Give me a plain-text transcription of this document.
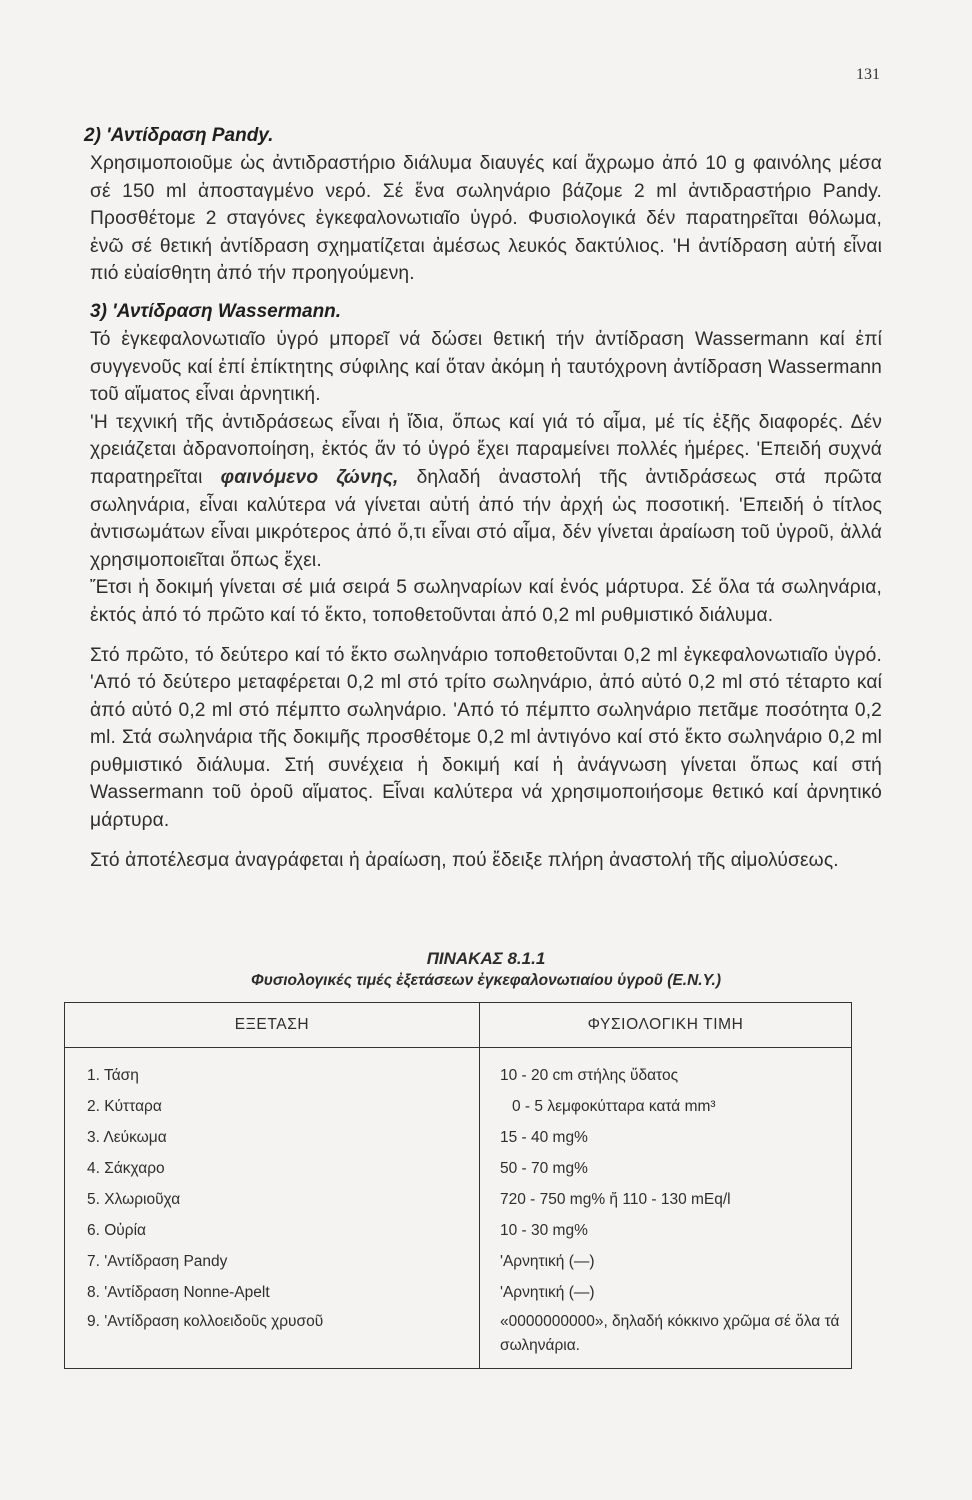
131

2) 'Αντίδραση Pandy.

Χρησιμοποιοῦμε ὡς ἀντιδραστήριο διάλυμα διαυγές καί ἄχρωμο ἀπό 10 g φαινόλης μέσα σέ 150 ml ἀποσταγμένο νερό. Σέ ἕνα σωληνάριο βάζομε 2 ml ἀντιδραστήριο Pandy. Προσθέτομε 2 σταγόνες ἐγκεφαλονωτιαῖο ὑγρό. Φυσιολογικά δέν παρατηρεῖται θόλωμα, ἐνῶ σέ θετική ἀντίδραση σχηματίζεται ἀμέσως λευκός δακτύλιος. 'Η ἀντίδραση αὐτή εἶναι πιό εὐαίσθητη ἀπό τήν προηγούμενη.

3) 'Αντίδραση Wassermann.

Τό ἐγκεφαλονωτιαῖο ὑγρό μπορεῖ νά δώσει θετική τήν ἀντίδραση Wassermann καί ἐπί συγγενοῦς καί ἐπί ἐπίκτητης σύφιλης καί ὅταν ἀκόμη ἡ ταυτόχρονη ἀντίδραση Wassermann τοῦ αἵματος εἶναι ἀρνητική.

'Η τεχνική τῆς ἀντιδράσεως εἶναι ἡ ἴδια, ὅπως καί γιά τό αἷμα, μέ τίς ἑξῆς διαφορές. Δέν χρειάζεται ἀδρανοποίηση, ἐκτός ἄν τό ὑγρό ἔχει παραμείνει πολλές ἡμέρες. 'Επειδή συχνά παρατηρεῖται φαινόμενο ζώνης, δηλαδή ἀναστολή τῆς ἀντιδράσεως στά πρῶτα σωληνάρια, εἶναι καλύτερα νά γίνεται αὐτή ἀπό τήν ἀρχή ὡς ποσοτική. 'Επειδή ὁ τίτλος ἀντισωμάτων εἶναι μικρότερος ἀπό ὅ,τι εἶναι στό αἷμα, δέν γίνεται ἀραίωση τοῦ ὑγροῦ, ἀλλά χρησιμοποιεῖται ὅπως ἔχει.

Ἔτσι ἡ δοκιμή γίνεται σέ μιά σειρά 5 σωληναρίων καί ἑνός μάρτυρα. Σέ ὅλα τά σωληνάρια, ἐκτός ἀπό τό πρῶτο καί τό ἕκτο, τοποθετοῦνται ἀπό 0,2 ml ρυθμιστικό διάλυμα.

Στό πρῶτο, τό δεύτερο καί τό ἕκτο σωληνάριο τοποθετοῦνται 0,2 ml ἐγκεφαλονωτιαῖο ὑγρό. 'Από τό δεύτερο μεταφέρεται 0,2 ml στό τρίτο σωληνάριο, ἀπό αὐτό 0,2 ml στό τέταρτο καί ἀπό αὐτό 0,2 ml στό πέμπτο σωληνάριο. 'Από τό πέμπτο σωληνάριο πετᾶμε ποσότητα 0,2 ml. Στά σωληνάρια τῆς δοκιμῆς προσθέτομε 0,2 ml ἀντιγόνο καί στό ἕκτο σωληνάριο 0,2 ml ρυθμιστικό διάλυμα. Στή συνέχεια ἡ δοκιμή καί ἡ ἀνάγνωση γίνεται ὅπως καί στή Wassermann τοῦ ὀροῦ αἵματος. Εἶναι καλύτερα νά χρησιμοποιήσομε θετικό καί ἀρνητικό μάρτυρα.

Στό ἀποτέλεσμα ἀναγράφεται ἡ ἀραίωση, πού ἔδειξε πλήρη ἀναστολή τῆς αἱμολύσεως.

ΠΙΝΑΚΑΣ 8.1.1
Φυσιολογικές τιμές ἐξετάσεων ἐγκεφαλονωτιαίου ὑγροῦ (Ε.Ν.Υ.)
ΕΞΕΤΑΣΗ	ΦΥΣΙΟΛΟΓΙΚΗ ΤΙΜΗ
1. Τάση	10 - 20 cm στήλης ὕδατος
2. Κύτταρα	0 - 5 λεμφοκύτταρα κατά mm³
3. Λεύκωμα	15 - 40 mg%
4. Σάκχαρο	50 - 70 mg%
5. Χλωριοῦχα	720 - 750 mg% ἤ 110 - 130 mEq/l
6. Οὐρία	10 - 30 mg%
7. 'Αντίδραση Pandy	'Αρνητική (—)
8. 'Αντίδραση Nonne-Apelt	'Αρνητική (—)
9. 'Αντίδραση κολλοειδοῦς χρυσοῦ	«0000000000», δηλαδή κόκκινο χρῶμα σέ ὅλα τά σωληνάρια.
